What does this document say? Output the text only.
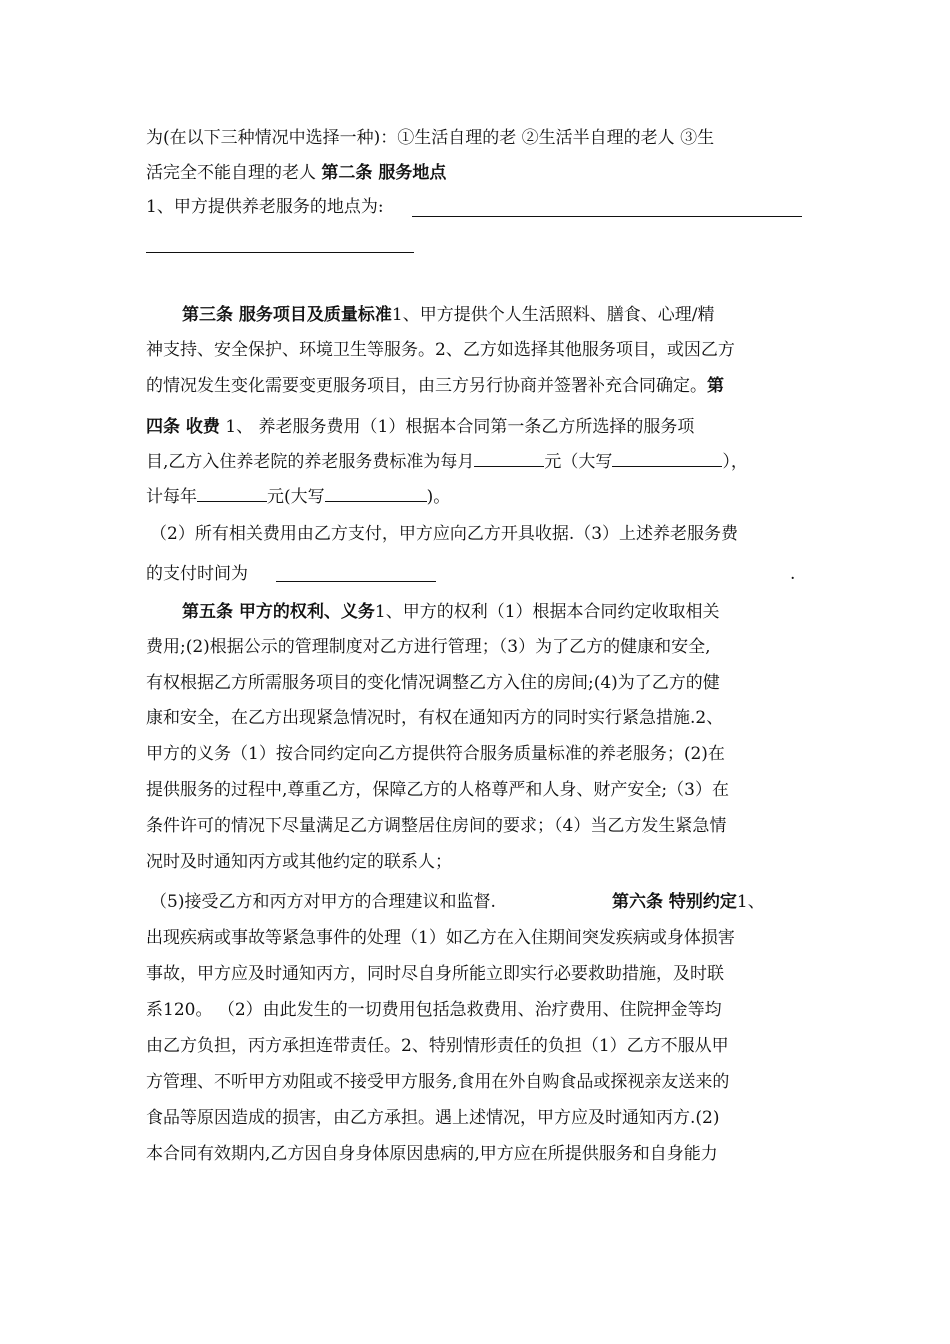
为(在以下三种情况中选择一种)：①生活自理的老 ②生活半自理的老人 ③生
活完全不能自理的老人 第二条 服务地点
1、甲方提供养老服务的地点为:
第三条 服务项目及质量标准1、甲方提供个人生活照料、膳食、心理/精
神支持、安全保护、环境卫生等服务。2、乙方如选择其他服务项目，或因乙方
的情况发生变化需要变更服务项目，由三方另行协商并签署补充合同确定。第
四条 收费 1、 养老服务费用（1）根据本合同第一条乙方所选择的服务项
目,乙方入住养老院的养老服务费标准为每月	元（大写	），
计每年	元(大写	)。
（2）所有相关费用由乙方支付，甲方应向乙方开具收据.（3）上述养老服务费
的支付时间为	.
第五条 甲方的权利、义务1、甲方的权利（1）根据本合同约定收取相关
费用;(2)根据公示的管理制度对乙方进行管理；（3）为了乙方的健康和安全,
有权根据乙方所需服务项目的变化情况调整乙方入住的房间;(4)为了乙方的健
康和安全，在乙方出现紧急情况时，有权在通知丙方的同时实行紧急措施.2、
甲方的义务（1）按合同约定向乙方提供符合服务质量标准的养老服务；(2)在
提供服务的过程中,尊重乙方，保障乙方的人格尊严和人身、财产安全;（3）在
条件许可的情况下尽量满足乙方调整居住房间的要求；（4）当乙方发生紧急情
况时及时通知丙方或其他约定的联系人；
（5)接受乙方和丙方对甲方的合理建议和监督.	第六条 特别约定1、
出现疾病或事故等紧急事件的处理（1）如乙方在入住期间突发疾病或身体损害
事故，甲方应及时通知丙方，同时尽自身所能立即实行必要救助措施，及时联
系120。 （2）由此发生的一切费用包括急救费用、治疗费用、住院押金等均
由乙方负担，丙方承担连带责任。2、特别情形责任的负担（1）乙方不服从甲
方管理、不听甲方劝阻或不接受甲方服务,食用在外自购食品或探视亲友送来的
食品等原因造成的损害，由乙方承担。遇上述情况，甲方应及时通知丙方.(2)
本合同有效期内,乙方因自身身体原因患病的,甲方应在所提供服务和自身能力
